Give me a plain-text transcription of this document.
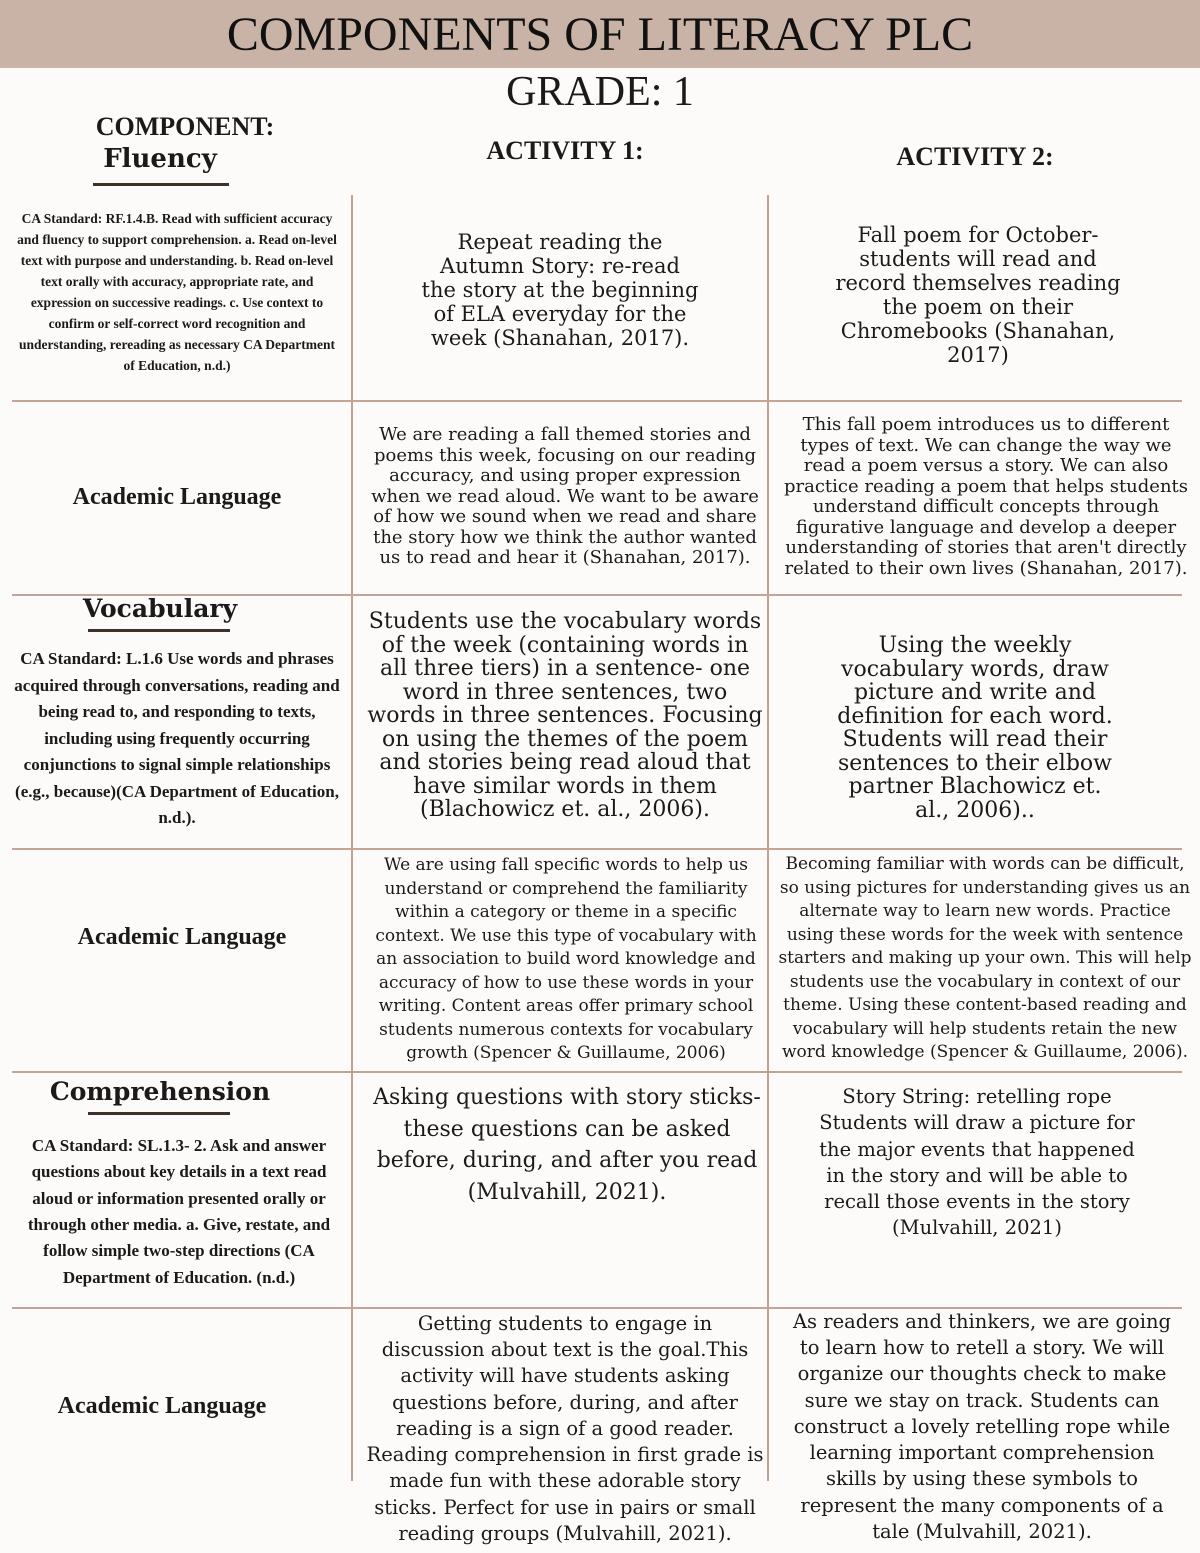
COMPONENTS OF LITERACY PLC
GRADE: 1
COMPONENT:
Fluency	ACTIVITY 1:	ACTIVITY 2:
CA Standard: RF.1.4.B. Read with sufficient accuracy and fluency to support comprehension. a. Read on-level text with purpose and understanding. b. Read on-level text orally with accuracy, appropriate rate, and expression on successive readings. c. Use context to confirm or self-correct word recognition and understanding, rereading as necessary CA Department of Education, n.d.)
Repeat reading the Autumn Story: re-read the story at the beginning of ELA everyday for the week (Shanahan, 2017).
Fall poem for October- students will read and record themselves reading the poem on their Chromebooks (Shanahan, 2017)
Academic Language
We are reading a fall themed stories and poems this week, focusing on our reading accuracy, and using proper expression when we read aloud. We want to be aware of how we sound when we read and share the story how we think the author wanted us to read and hear it (Shanahan, 2017).
This fall poem introduces us to different types of text. We can change the way we read a poem versus a story. We can also practice reading a poem that helps students understand difficult concepts through figurative language and develop a deeper understanding of stories that aren't directly related to their own lives (Shanahan, 2017).
Vocabulary
CA Standard: L.1.6 Use words and phrases acquired through conversations, reading and being read to, and responding to texts, including using frequently occurring conjunctions to signal simple relationships (e.g., because)(CA Department of Education, n.d.).
Students use the vocabulary words of the week (containing words in all three tiers) in a sentence- one word in three sentences, two words in three sentences. Focusing on using the themes of the poem and stories being read aloud that have similar words in them (Blachowicz et. al., 2006).
Using the weekly vocabulary words, draw picture and write and definition for each word. Students will read their sentences to their elbow partner Blachowicz et. al., 2006)..
Academic Language
We are using fall specific words to help us understand or comprehend the familiarity within a category or theme in a specific context. We use this type of vocabulary with an association to build word knowledge and accuracy of how to use these words in your writing. Content areas offer primary school students numerous contexts for vocabulary growth (Spencer & Guillaume, 2006)
Becoming familiar with words can be difficult, so using pictures for understanding gives us an alternate way to learn new words. Practice using these words for the week with sentence starters and making up your own. This will help students use the vocabulary in context of our theme. Using these content-based reading and vocabulary will help students retain the new word knowledge (Spencer & Guillaume, 2006).
Comprehension
CA Standard: SL.1.3- 2. Ask and answer questions about key details in a text read aloud or information presented orally or through other media. a. Give, restate, and follow simple two-step directions (CA Department of Education. (n.d.)
Asking questions with story sticks- these questions can be asked before, during, and after you read (Mulvahill, 2021).
Story String: retelling rope Students will draw a picture for the major events that happened in the story and will be able to recall those events in the story (Mulvahill, 2021)
Academic Language
Getting students to engage in discussion about text is the goal.This activity will have students asking questions before, during, and after reading is a sign of a good reader. Reading comprehension in first grade is made fun with these adorable story sticks. Perfect for use in pairs or small reading groups (Mulvahill, 2021).
As readers and thinkers, we are going to learn how to retell a story. We will organize our thoughts check to make sure we stay on track. Students can construct a lovely retelling rope while learning important comprehension skills by using these symbols to represent the many components of a tale (Mulvahill, 2021).
